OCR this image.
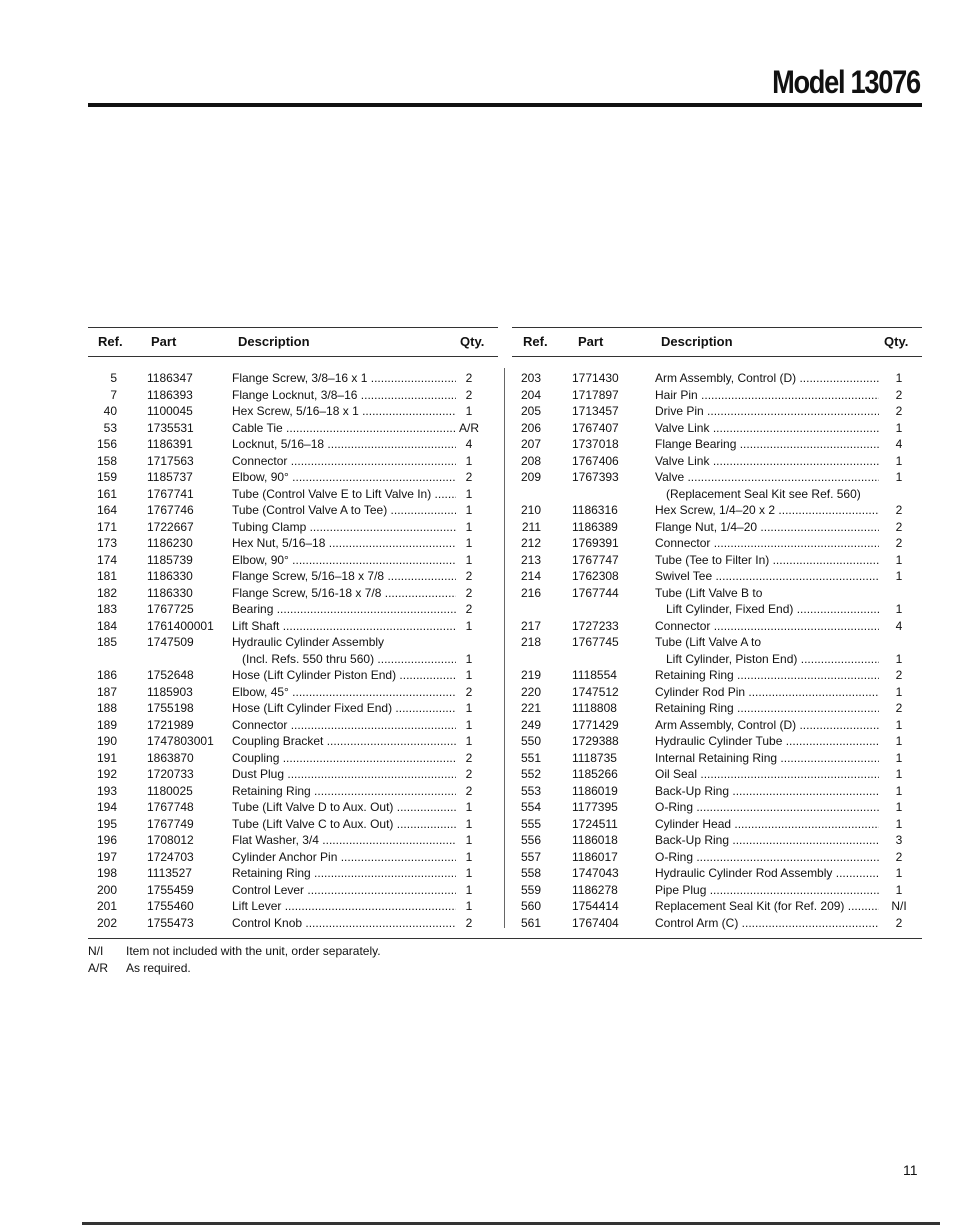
Model 13076
Ref. Part	Description	Qty.
5	1186347	Flange Screw, 3/8–16 x 1 .....	2
7	1186393	Flange Locknut, 3/8–16 .....	2
40	1100045	Hex Screw, 5/16–18 x 1 .....	1
53	1735531	Cable Tie .....	A/R
156	1186391	Locknut, 5/16–18 .....	4
158	1717563	Connector .....	1
159	1185737	Elbow, 90° .....	2
161	1767741	Tube (Control Valve E to Lift Valve In) .....	1
164	1767746	Tube (Control Valve A to Tee) .....	1
171	1722667	Tubing Clamp .....	1
173	1186230	Hex Nut, 5/16–18 .....	1
174	1185739	Elbow, 90° .....	1
181	1186330	Flange Screw, 5/16–18 x 7/8 .....	2
182	1186330	Flange Screw, 5/16-18 x 7/8 .....	2
183	1767725	Bearing .....	2
184	1761400001 Lift Shaft .....	1
185	1747509	Hydraulic Cylinder Assembly
(Incl. Refs. 550 thru 560) .....	1
186	1752648	Hose (Lift Cylinder Piston End) .....	1
187	1185903	Elbow, 45° .....	2
188	1755198	Hose (Lift Cylinder Fixed End) .....	1
189	1721989	Connector .....	1
190	1747803001 Coupling Bracket .....	1
191	1863870	Coupling .....	2
192	1720733	Dust Plug .....	2
193	1180025	Retaining Ring .....	2
194	1767748	Tube (Lift Valve D to Aux. Out) .....	1
195	1767749	Tube (Lift Valve C to Aux. Out) .....	1
196	1708012	Flat Washer, 3/4 .....	1
197	1724703	Cylinder Anchor Pin .....	1
198	1113527	Retaining Ring .....	1
200	1755459	Control Lever .....	1
201	1755460	Lift Lever .....	1
202	1755473	Control Knob .....	2
Ref. Part	Description	Qty.
203	1771430	Arm Assembly, Control (D) .....	1
204	1717897	Hair Pin .....	2
205	1713457	Drive Pin .....	2
206	1767407	Valve Link .....	1
207	1737018	Flange Bearing .....	4
208	1767406	Valve Link .....	1
209	1767393	Valve .....	1
(Replacement Seal Kit see Ref. 560)
210	1186316	Hex Screw, 1/4–20 x 2 .....	2
211	1186389	Flange Nut, 1/4–20 .....	2
212	1769391	Connector .....	2
213	1767747	Tube (Tee to Filter In) .....	1
214	1762308	Swivel Tee .....	1
216	1767744	Tube (Lift Valve B to
Lift Cylinder, Fixed End) .....	1
217	1727233	Connector .....	4
218	1767745	Tube (Lift Valve A to
Lift Cylinder, Piston End) .....	1
219	1118554	Retaining Ring .....	2
220	1747512	Cylinder Rod Pin .....	1
221	1118808	Retaining Ring .....	2
249	1771429	Arm Assembly, Control (D) .....	1
550	1729388	Hydraulic Cylinder Tube .....	1
551	1118735	Internal Retaining Ring .....	1
552	1185266	Oil Seal .....	1
553	1186019	Back-Up Ring .....	1
554	1177395	O-Ring .....	1
555	1724511	Cylinder Head .....	1
556	1186018	Back-Up Ring .....	3
557	1186017	O-Ring .....	2
558	1747043	Hydraulic Cylinder Rod Assembly .....	1
559	1186278	Pipe Plug .....	1
560	1754414	Replacement Seal Kit (for Ref. 209) .....	N/I
561	1767404	Control Arm (C) .....	2
N/I Item not included with the unit, order separately.
A/R As required.
11
